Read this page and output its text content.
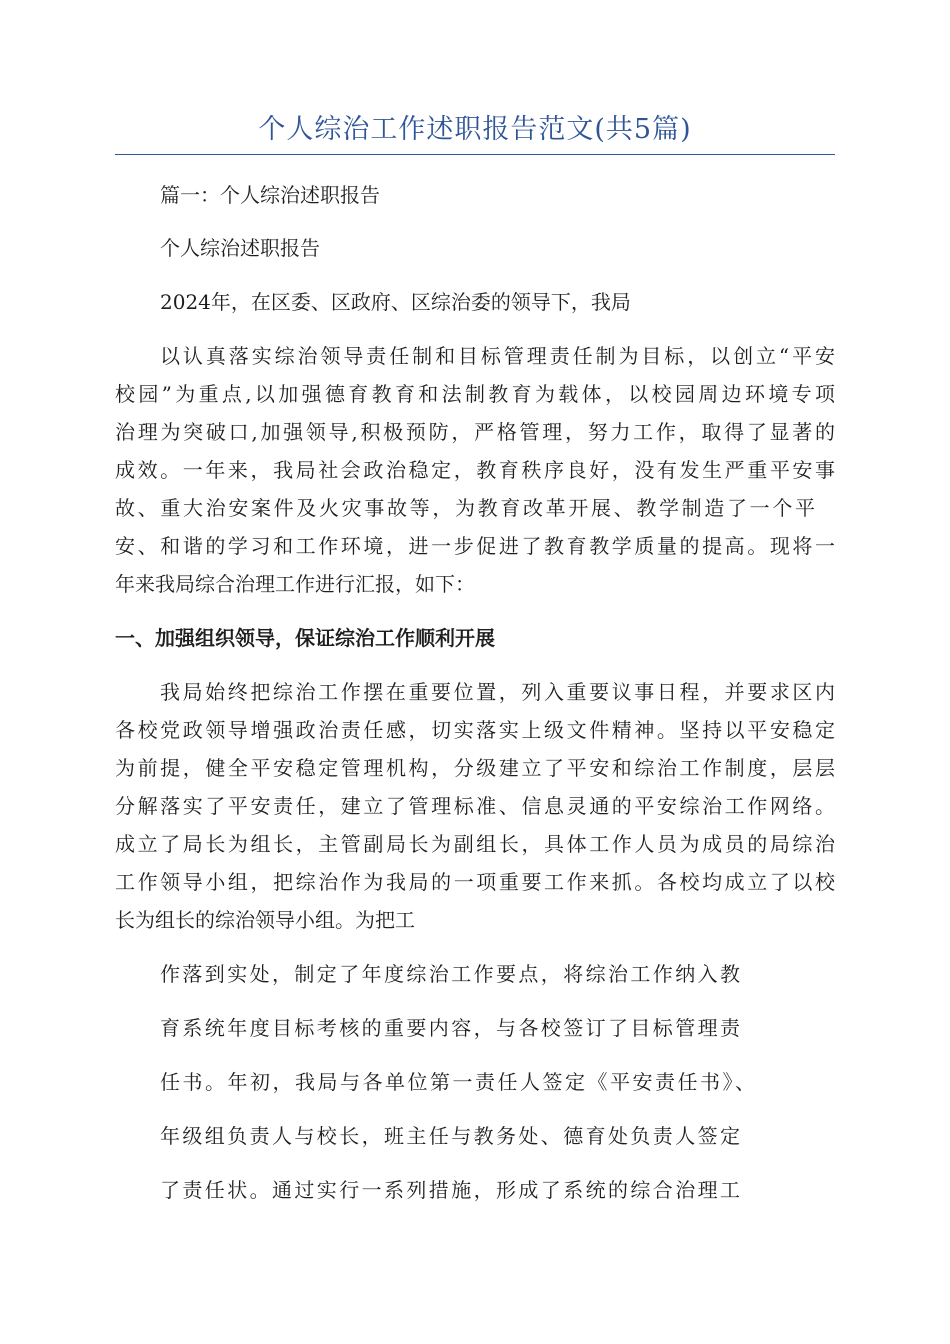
个人综治工作述职报告范文(共5篇)
篇一：个人综治述职报告
个人综治述职报告
2024年，在区委、区政府、区综治委的领导下，我局
以认真落实综治领导责任制和目标管理责任制为目标，以创立“平安
校园”为重点,以加强德育教育和法制教育为载体，以校园周边环境专项
治理为突破口,加强领导,积极预防，严格管理，努力工作，取得了显著的
成效。一年来，我局社会政治稳定，教育秩序良好，没有发生严重平安事
故、重大治安案件及火灾事故等，为教育改革开展、教学制造了一个平
安、和谐的学习和工作环境，进一步促进了教育教学质量的提高。现将一
年来我局综合治理工作进行汇报，如下：
一、加强组织领导，保证综治工作顺利开展
我局始终把综治工作摆在重要位置，列入重要议事日程，并要求区内
各校党政领导增强政治责任感，切实落实上级文件精神。坚持以平安稳定
为前提，健全平安稳定管理机构，分级建立了平安和综治工作制度，层层
分解落实了平安责任，建立了管理标准、信息灵通的平安综治工作网络。
成立了局长为组长，主管副局长为副组长，具体工作人员为成员的局综治
工作领导小组，把综治作为我局的一项重要工作来抓。各校均成立了以校
长为组长的综治领导小组。为把工
作落到实处，制定了年度综治工作要点，将综治工作纳入教
育系统年度目标考核的重要内容，与各校签订了目标管理责
任书。年初，我局与各单位第一责任人签定《平安责任书》、
年级组负责人与校长，班主任与教务处、德育处负责人签定
了责任状。通过实行一系列措施，形成了系统的综合治理工
